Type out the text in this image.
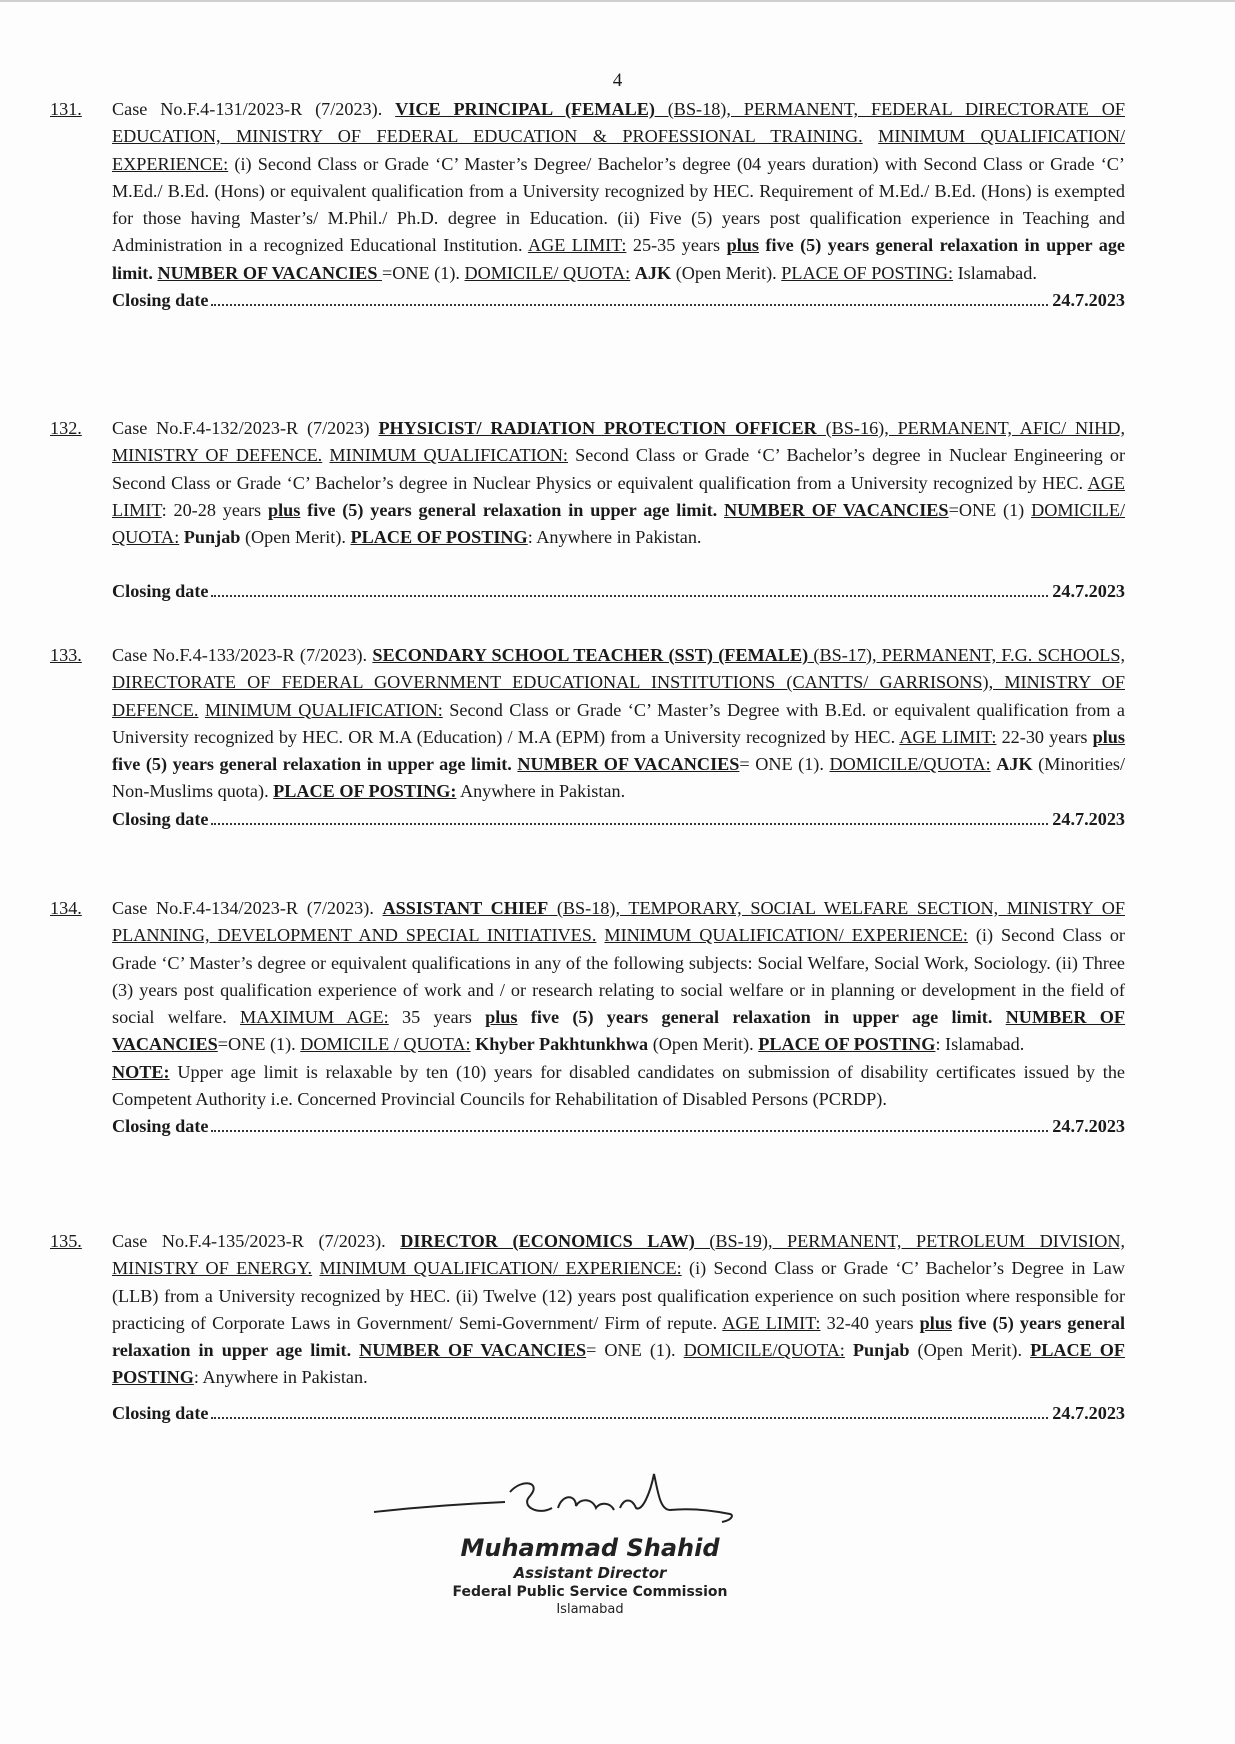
4
131. Case No.F.4-131/2023-R (7/2023). VICE PRINCIPAL (FEMALE) (BS-18), PERMANENT, FEDERAL DIRECTORATE OF EDUCATION, MINISTRY OF FEDERAL EDUCATION & PROFESSIONAL TRAINING. MINIMUM QUALIFICATION/ EXPERIENCE: (i) Second Class or Grade ‘C’ Master’s Degree/ Bachelor’s degree (04 years duration) with Second Class or Grade ‘C’ M.Ed./ B.Ed. (Hons) or equivalent qualification from a University recognized by HEC. Requirement of M.Ed./ B.Ed. (Hons) is exempted for those having Master’s/ M.Phil./ Ph.D. degree in Education. (ii) Five (5) years post qualification experience in Teaching and Administration in a recognized Educational Institution. AGE LIMIT: 25-35 years plus five (5) years general relaxation in upper age limit. NUMBER OF VACANCIES =ONE (1). DOMICILE/ QUOTA: AJK (Open Merit). PLACE OF POSTING: Islamabad.
Closing date	24.7.2023
132. Case No.F.4-132/2023-R (7/2023) PHYSICIST/ RADIATION PROTECTION OFFICER (BS-16), PERMANENT, AFIC/ NIHD, MINISTRY OF DEFENCE. MINIMUM QUALIFICATION: Second Class or Grade ‘C’ Bachelor’s degree in Nuclear Engineering or Second Class or Grade ‘C’ Bachelor’s degree in Nuclear Physics or equivalent qualification from a University recognized by HEC. AGE LIMIT: 20-28 years plus five (5) years general relaxation in upper age limit. NUMBER OF VACANCIES=ONE (1) DOMICILE/ QUOTA: Punjab (Open Merit). PLACE OF POSTING: Anywhere in Pakistan.
Closing date	24.7.2023
133. Case No.F.4-133/2023-R (7/2023). SECONDARY SCHOOL TEACHER (SST) (FEMALE) (BS-17), PERMANENT, F.G. SCHOOLS, DIRECTORATE OF FEDERAL GOVERNMENT EDUCATIONAL INSTITUTIONS (CANTTS/ GARRISONS), MINISTRY OF DEFENCE. MINIMUM QUALIFICATION: Second Class or Grade ‘C’ Master’s Degree with B.Ed. or equivalent qualification from a University recognized by HEC. OR M.A (Education) / M.A (EPM) from a University recognized by HEC. AGE LIMIT: 22-30 years plus five (5) years general relaxation in upper age limit. NUMBER OF VACANCIES= ONE (1). DOMICILE/QUOTA: AJK (Minorities/ Non-Muslims quota). PLACE OF POSTING: Anywhere in Pakistan.
Closing date	24.7.2023
134. Case No.F.4-134/2023-R (7/2023). ASSISTANT CHIEF (BS-18), TEMPORARY, SOCIAL WELFARE SECTION, MINISTRY OF PLANNING, DEVELOPMENT AND SPECIAL INITIATIVES. MINIMUM QUALIFICATION/ EXPERIENCE: (i) Second Class or Grade ‘C’ Master’s degree or equivalent qualifications in any of the following subjects: Social Welfare, Social Work, Sociology. (ii) Three (3) years post qualification experience of work and / or research relating to social welfare or in planning or development in the field of social welfare. MAXIMUM AGE: 35 years plus five (5) years general relaxation in upper age limit. NUMBER OF VACANCIES=ONE (1). DOMICILE / QUOTA: Khyber Pakhtunkhwa (Open Merit). PLACE OF POSTING: Islamabad.
NOTE: Upper age limit is relaxable by ten (10) years for disabled candidates on submission of disability certificates issued by the Competent Authority i.e. Concerned Provincial Councils for Rehabilitation of Disabled Persons (PCRDP).
Closing date	24.7.2023
135. Case No.F.4-135/2023-R (7/2023). DIRECTOR (ECONOMICS LAW) (BS-19), PERMANENT, PETROLEUM DIVISION, MINISTRY OF ENERGY. MINIMUM QUALIFICATION/ EXPERIENCE: (i) Second Class or Grade ‘C’ Bachelor’s Degree in Law (LLB) from a University recognized by HEC. (ii) Twelve (12) years post qualification experience on such position where responsible for practicing of Corporate Laws in Government/ Semi-Government/ Firm of repute. AGE LIMIT: 32-40 years plus five (5) years general relaxation in upper age limit. NUMBER OF VACANCIES= ONE (1). DOMICILE/QUOTA: Punjab (Open Merit). PLACE OF POSTING: Anywhere in Pakistan.
Closing date	24.7.2023
Muhammad Shahid
Assistant Director
Federal Public Service Commission
Islamabad
